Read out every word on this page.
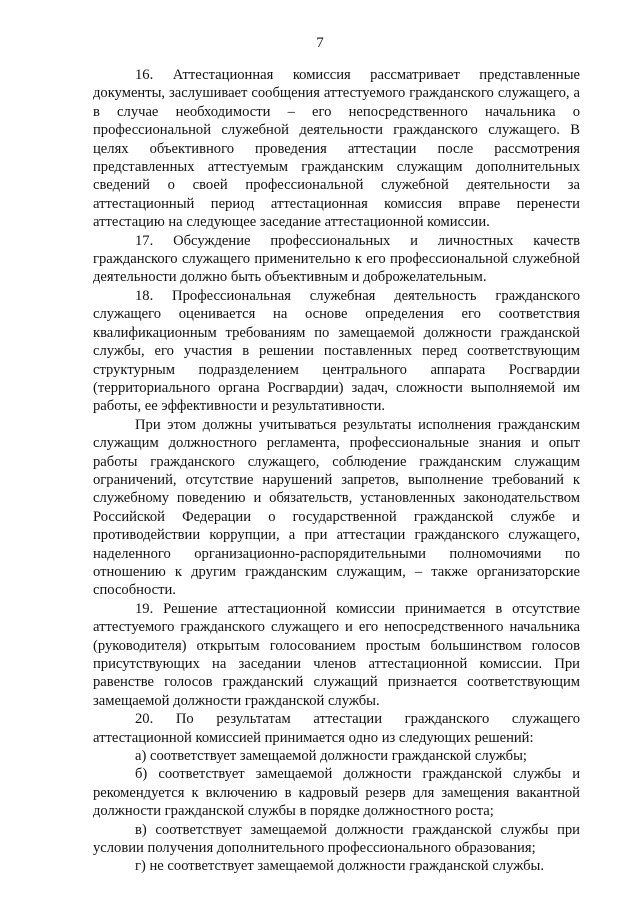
7

16. Аттестационная комиссия рассматривает представленные документы, заслушивает сообщения аттестуемого гражданского служащего, а в случае необходимости – его непосредственного начальника о профессиональной служебной деятельности гражданского служащего. В целях объективного проведения аттестации после рассмотрения представленных аттестуемым гражданским служащим дополнительных сведений о своей профессиональной служебной деятельности за аттестационный период аттестационная комиссия вправе перенести аттестацию на следующее заседание аттестационной комиссии.

17. Обсуждение профессиональных и личностных качеств гражданского служащего применительно к его профессиональной служебной деятельности должно быть объективным и доброжелательным.

18. Профессиональная служебная деятельность гражданского служащего оценивается на основе определения его соответствия квалификационным требованиям по замещаемой должности гражданской службы, его участия в решении поставленных перед соответствующим структурным подразделением центрального аппарата Росгвардии (территориального органа Росгвардии) задач, сложности выполняемой им работы, ее эффективности и результативности.

При этом должны учитываться результаты исполнения гражданским служащим должностного регламента, профессиональные знания и опыт работы гражданского служащего, соблюдение гражданским служащим ограничений, отсутствие нарушений запретов, выполнение требований к служебному поведению и обязательств, установленных законодательством Российской Федерации о государственной гражданской службе и противодействии коррупции, а при аттестации гражданского служащего, наделенного организационно-распорядительными полномочиями по отношению к другим гражданским служащим, – также организаторские способности.

19. Решение аттестационной комиссии принимается в отсутствие аттестуемого гражданского служащего и его непосредственного начальника (руководителя) открытым голосованием простым большинством голосов присутствующих на заседании членов аттестационной комиссии. При равенстве голосов гражданский служащий признается соответствующим замещаемой должности гражданской службы.

20. По результатам аттестации гражданского служащего аттестационной комиссией принимается одно из следующих решений:

а) соответствует замещаемой должности гражданской службы;

б) соответствует замещаемой должности гражданской службы и рекомендуется к включению в кадровый резерв для замещения вакантной должности гражданской службы в порядке должностного роста;

в) соответствует замещаемой должности гражданской службы при условии получения дополнительного профессионального образования;

г) не соответствует замещаемой должности гражданской службы.
